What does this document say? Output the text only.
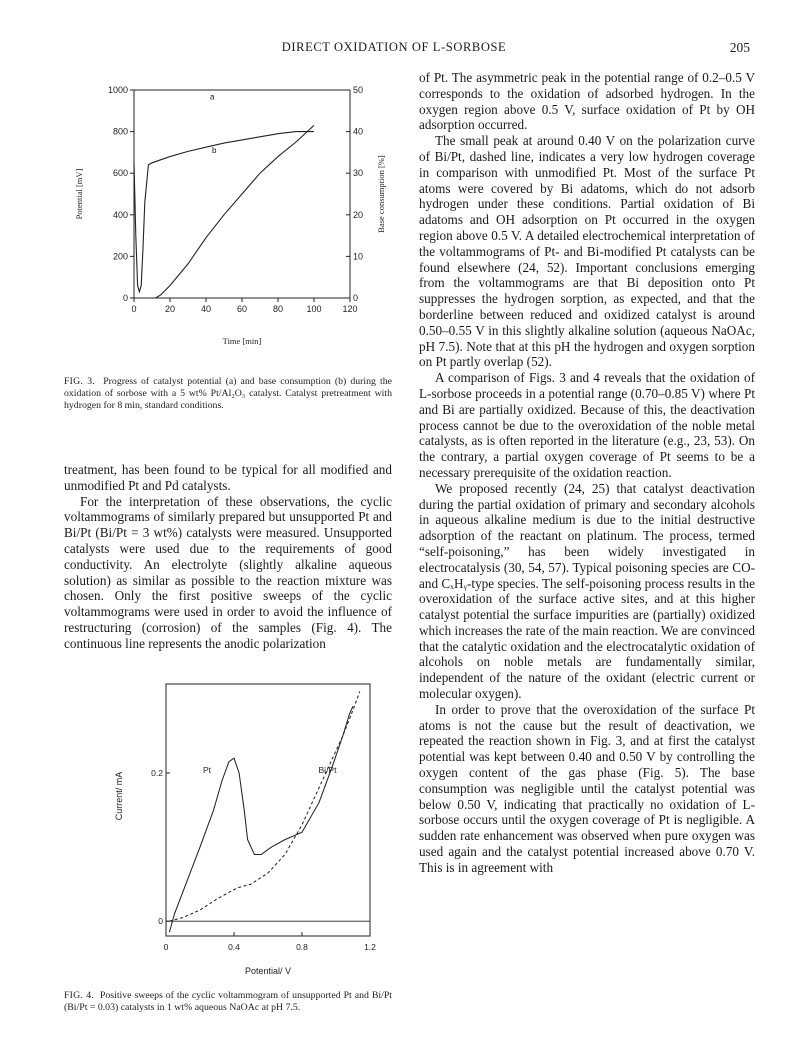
DIRECT OXIDATION OF L-SORBOSE	205
0	20	40	60	80	100 120
0
200
400
600
800
1000
0
10
20
30
40
50
a
b
Time [min]
Potential [mV]	Base consumption [%]

FIG. 3. Progress of catalyst potential (a) and base consumption (b) during the oxidation of sorbose with a 5 wt% Pt/Al₂O₃ catalyst. Catalyst pretreatment with hydrogen for 8 min, standard conditions.

treatment, has been found to be typical for all modified and unmodified Pt and Pd catalysts.

For the interpretation of these observations, the cyclic voltammograms of similarly prepared but unsupported Pt and Bi/Pt (Bi/Pt = 3 wt%) catalysts were measured. Unsupported catalysts were used due to the requirements of good conductivity. An electrolyte (slightly alkaline aqueous solution) as similar as possible to the reaction mixture was chosen. Only the first positive sweeps of the cyclic voltammograms were used in order to avoid the influence of restructuring (corrosion) of the samples (Fig. 4). The continuous line represents the anodic polarization

0	0.4	0.8	1.2
0
0.2	Pt	Bi/Pt
Potential/ V
Current/ mA

FIG. 4. Positive sweeps of the cyclic voltammogram of unsupported Pt and Bi/Pt (Bi/Pt = 0.03) catalysts in 1 wt% aqueous NaOAc at pH 7.5.

of Pt. The asymmetric peak in the potential range of 0.2–0.5 V corresponds to the oxidation of adsorbed hydrogen. In the oxygen region above 0.5 V, surface oxidation of Pt by OH adsorption occurred.

The small peak at around 0.40 V on the polarization curve of Bi/Pt, dashed line, indicates a very low hydrogen coverage in comparison with unmodified Pt. Most of the surface Pt atoms were covered by Bi adatoms, which do not adsorb hydrogen under these conditions. Partial oxidation of Bi adatoms and OH adsorption on Pt occurred in the oxygen region above 0.5 V. A detailed electrochemical interpretation of the voltammograms of Pt- and Bi-modified Pt catalysts can be found elsewhere (24, 52). Important conclusions emerging from the voltammograms are that Bi deposition onto Pt suppresses the hydrogen sorption, as expected, and that the borderline between reduced and oxidized catalyst is around 0.50–0.55 V in this slightly alkaline solution (aqueous NaOAc, pH 7.5). Note that at this pH the hydrogen and oxygen sorption on Pt partly overlap (52).

A comparison of Figs. 3 and 4 reveals that the oxidation of L-sorbose proceeds in a potential range (0.70–0.85 V) where Pt and Bi are partially oxidized. Because of this, the deactivation process cannot be due to the overoxidation of the noble metal catalysts, as is often reported in the literature (e.g., 23, 53). On the contrary, a partial oxygen coverage of Pt seems to be a necessary prerequisite of the oxidation reaction.

We proposed recently (24, 25) that catalyst deactivation during the partial oxidation of primary and secondary alcohols in aqueous alkaline medium is due to the initial destructive adsorption of the reactant on platinum. The process, termed “self-poisoning,” has been widely investigated in electrocatalysis (30, 54, 57). Typical poisoning species are CO- and CₓHᵧ-type species. The self-poisoning process results in the overoxidation of the surface active sites, and at this higher catalyst potential the surface impurities are (partially) oxidized which increases the rate of the main reaction. We are convinced that the catalytic oxidation and the electrocatalytic oxidation of alcohols on noble metals are fundamentally similar, independent of the nature of the oxidant (electric current or molecular oxygen).

In order to prove that the overoxidation of the surface Pt atoms is not the cause but the result of deactivation, we repeated the reaction shown in Fig. 3, and at first the catalyst potential was kept between 0.40 and 0.50 V by controlling the oxygen content of the gas phase (Fig. 5). The base consumption was negligible until the catalyst potential was below 0.50 V, indicating that practically no oxidation of L-sorbose occurs until the oxygen coverage of Pt is negligible. A sudden rate enhancement was observed when pure oxygen was used again and the catalyst potential increased above 0.70 V. This is in agreement with
